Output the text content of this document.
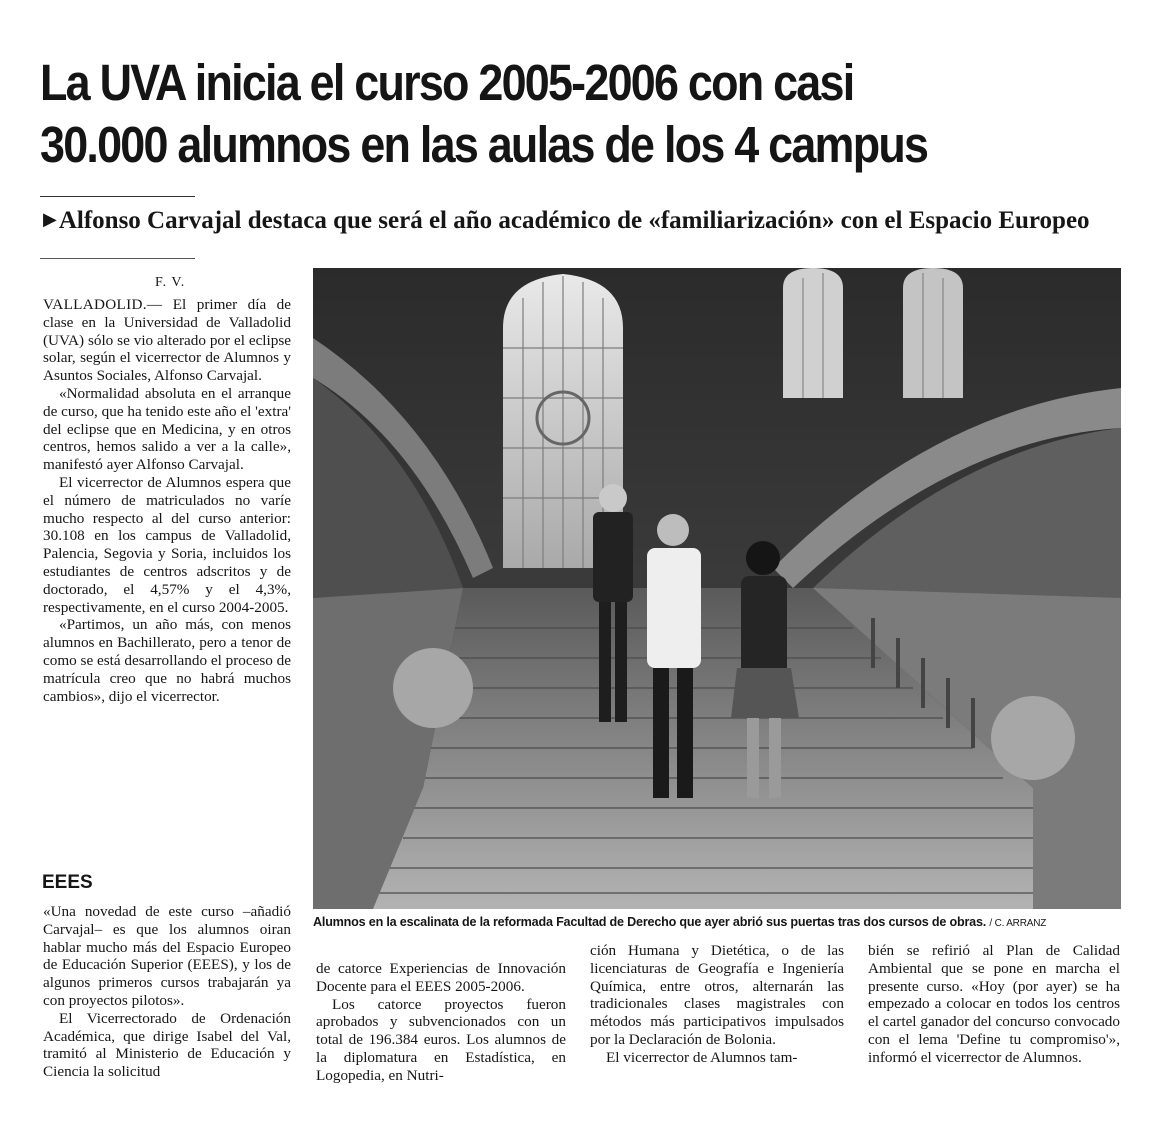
La UVA inicia el curso 2005-2006 con casi
30.000 alumnos en las aulas de los 4 campus
▶Alfonso Carvajal destaca que será el año académico de «familiarización» con el Espacio Europeo
F. V.

VALLADOLID.— El primer día de clase en la Universidad de Valladolid (UVA) sólo se vio alterado por el eclipse solar, según el vicerrector de Alumnos y Asuntos Sociales, Alfonso Carvajal.

«Normalidad absoluta en el arranque de curso, que ha tenido este año el 'extra' del eclipse que en Medicina, y en otros centros, hemos salido a ver a la calle», manifestó ayer Alfonso Carvajal.

El vicerrector de Alumnos espera que el número de matriculados no varíe mucho respecto al del curso anterior: 30.108 en los campus de Valladolid, Palencia, Segovia y Soria, incluidos los estudiantes de centros adscritos y de doctorado, el 4,57% y el 4,3%, respectivamente, en el curso 2004-2005.

«Partimos, un año más, con menos alumnos en Bachillerato, pero a tenor de como se está desarrollando el proceso de matrícula creo que no habrá muchos cambios», dijo el vicerrector.

EEES

«Una novedad de este curso –añadió Carvajal– es que los alumnos oiran hablar mucho más del Espacio Europeo de Educación Superior (EEES), y los de algunos primeros cursos trabajarán ya con proyectos pilotos».

El Vicerrectorado de Ordenación Académica, que dirige Isabel del Val, tramitó al Ministerio de Educación y Ciencia la solicitud

Alumnos en la escalinata de la reformada Facultad de Derecho que ayer abrió sus puertas tras dos cursos de obras. / C. ARRANZ

de catorce Experiencias de Innovación Docente para el EEES 2005-2006.

Los catorce proyectos fueron aprobados y subvencionados con un total de 196.384 euros. Los alumnos de la diplomatura en Estadística, en Logopedia, en Nutri-

ción Humana y Dietética, o de las licenciaturas de Geografía e Ingeniería Química, entre otros, alternarán las tradicionales clases magistrales con métodos más participativos impulsados por la Declaración de Bolonia.

El vicerrector de Alumnos tam-

bién se refirió al Plan de Calidad Ambiental que se pone en marcha el presente curso. «Hoy (por ayer) se ha empezado a colocar en todos los centros el cartel ganador del concurso convocado con el lema 'Define tu compromiso'», informó el vicerrector de Alumnos.
